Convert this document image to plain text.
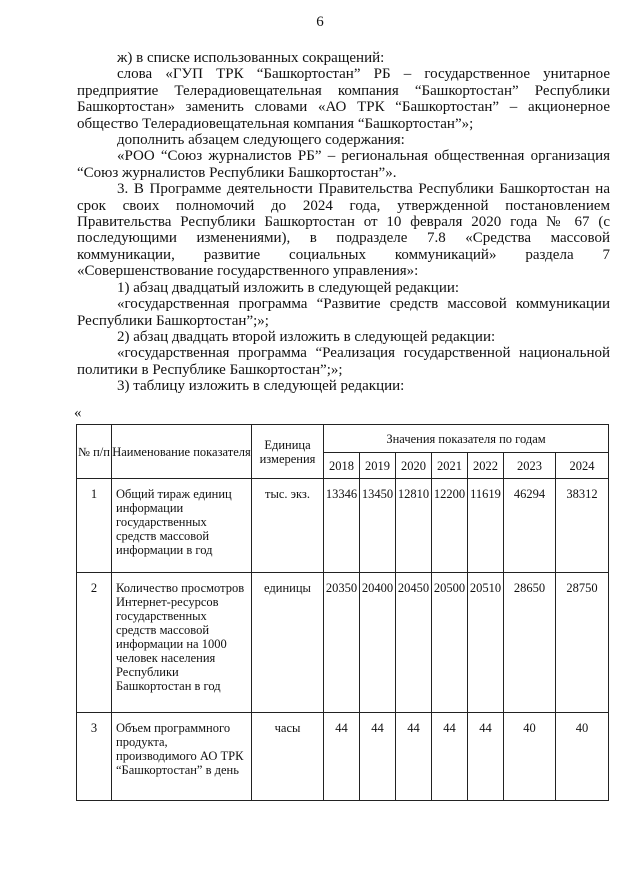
6

ж) в списке использованных сокращений:

слова «ГУП ТРК “Башкортостан” РБ – государственное унитарное предприятие Телерадиовещательная компания “Башкортостан” Республики Башкортостан» заменить словами «АО ТРК “Башкортостан” – акционерное общество Телерадиовещательная компания “Башкортостан”»;

дополнить абзацем следующего содержания:

«РОО “Союз журналистов РБ” – региональная общественная организация “Союз журналистов Республики Башкортостан”».

3. В Программе деятельности Правительства Республики Башкортостан на срок своих полномочий до 2024 года, утвержденной постановлением Правительства Республики Башкортостан от 10 февраля 2020 года № 67 (с последующими изменениями), в подразделе 7.8 «Средства массовой коммуникации, развитие социальных коммуникаций» раздела 7 «Совершенствование государственного управления»:

1) абзац двадцатый изложить в следующей редакции:

«государственная программа “Развитие средств массовой коммуникации Республики Башкортостан”;»;

2) абзац двадцать второй изложить в следующей редакции:

«государственная программа “Реализация государственной национальной политики в Республике Башкортостан”;»;

3) таблицу изложить в следующей редакции:

«
№ п/п	Наименование показателя	Единица измерения	Значения показателя по годам						
			2018	2019	2020	2021	2022	2023	2024
1	Общий тираж единиц информации государственных средств массовой информации в год	тыс. экз.	13346	13450	12810	12200	11619	46294	38312
2	Количество просмотров Интернет-ресурсов государственных средств массовой информации на 1000 человек населения Республики Башкортостан в год	единицы	20350	20400	20450	20500	20510	28650	28750
3	Объем программного продукта, производимого АО ТРК “Башкортостан” в день	часы	44	44	44	44	44	40	40
